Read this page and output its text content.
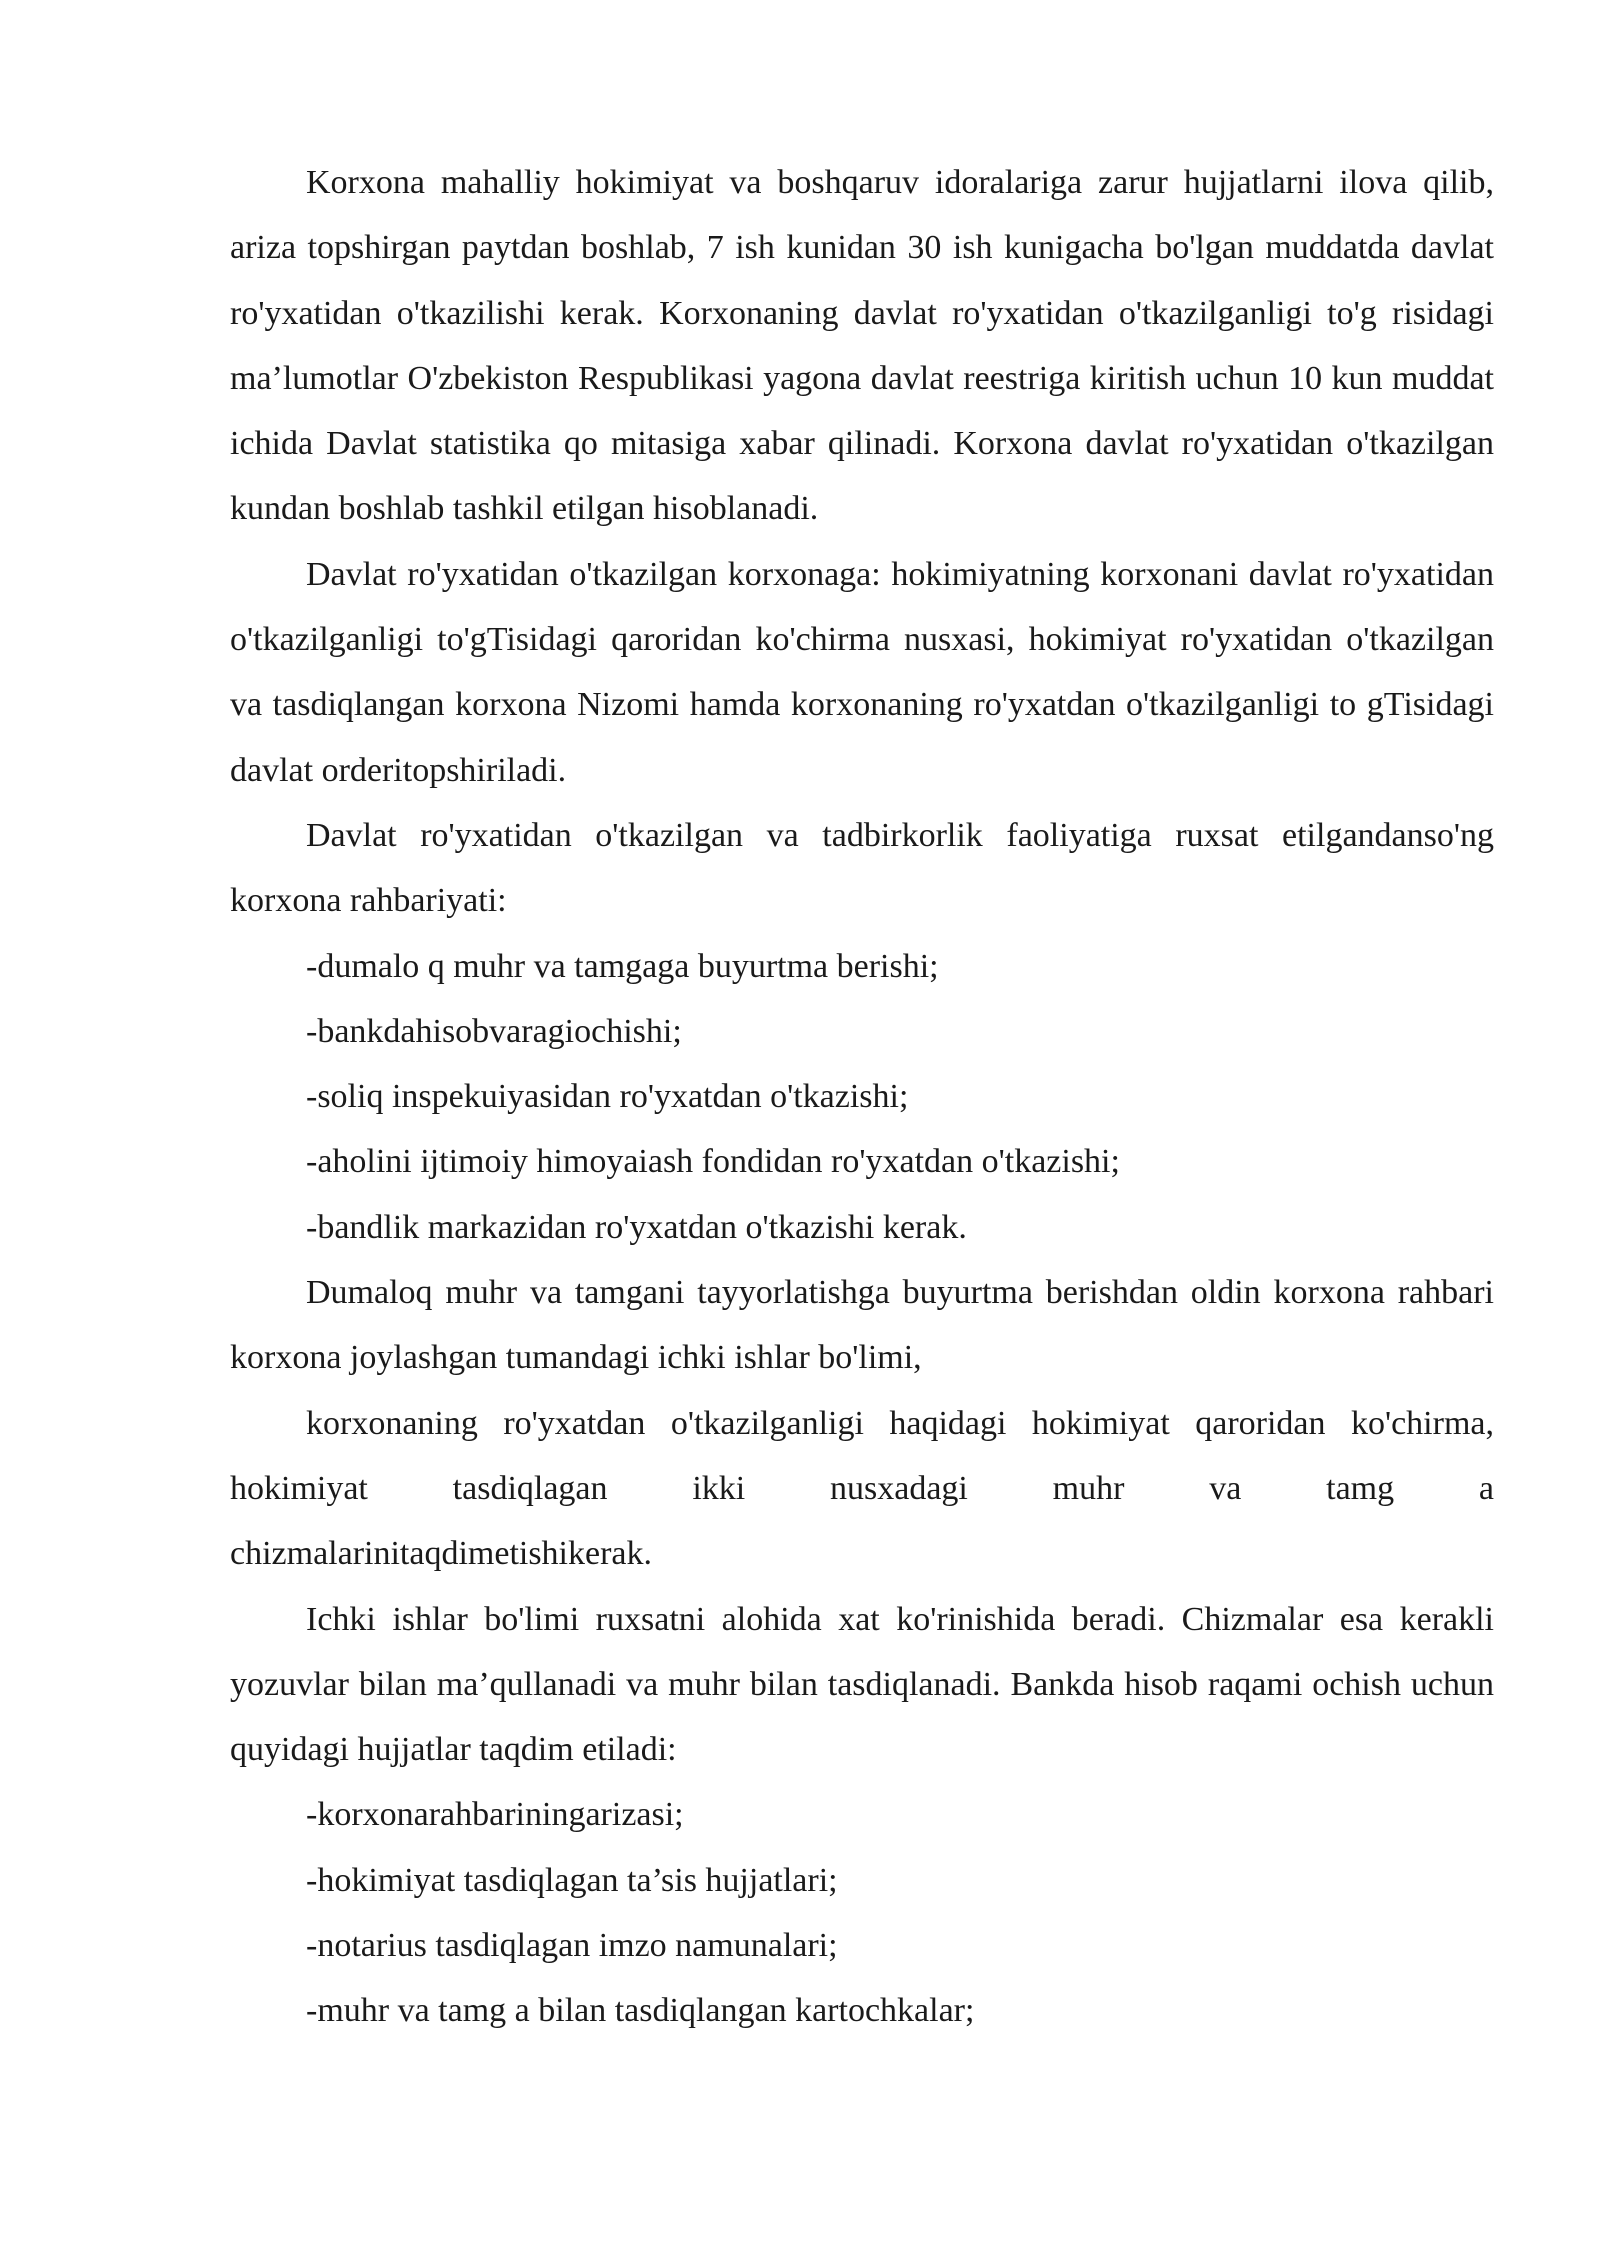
Korxona mahalliy hokimiyat va boshqaruv idoralariga zarur hujjatlarni ilova qilib, ariza topshirgan paytdan boshlab, 7 ish kunidan 30 ish kunigacha bo'lgan muddatda davlat ro'yxatidan o'tkazilishi kerak. Korxonaning davlat ro'yxatidan o'tkazilganligi to'g risidagi ma’lumotlar O'zbekiston Respublikasi yagona davlat reestriga kiritish uchun 10 kun muddat ichida Davlat statistika qo mitasiga xabar qilinadi. Korxona davlat ro'yxatidan o'tkazilgan kundan boshlab tashkil etilgan hisoblanadi.

Davlat ro'yxatidan o'tkazilgan korxonaga: hokimiyatning korxonani davlat ro'yxatidan o'tkazilganligi to'gTisidagi qaroridan ko'chirma nusxasi, hokimiyat ro'yxatidan o'tkazilgan va tasdiqlangan korxona Nizomi hamda korxonaning ro'yxatdan o'tkazilganligi to gTisidagi davlat orderitopshiriladi.

Davlat ro'yxatidan o'tkazilgan va tadbirkorlik faoliyatiga ruxsat etilgandanso'ng korxona rahbariyati:

-dumalo q muhr va tamgaga buyurtma berishi;

-bankdahisobvaragiochishi;

-soliq inspekuiyasidan ro'yxatdan o'tkazishi;

-aholini ijtimoiy himoyaiash fondidan ro'yxatdan o'tkazishi;

-bandlik markazidan ro'yxatdan o'tkazishi kerak.

Dumaloq muhr va tamgani tayyorlatishga buyurtma berishdan oldin korxona rahbari korxona joylashgan tumandagi ichki ishlar bo'limi,

korxonaning ro'yxatdan o'tkazilganligi haqidagi hokimiyat qaroridan ko'chirma, hokimiyat tasdiqlagan ikki nusxadagi muhr va tamg a

chizmalarinitaqdimetishikerak.

Ichki ishlar bo'limi ruxsatni alohida xat ko'rinishida beradi. Chizmalar esa kerakli yozuvlar bilan ma’qullanadi va muhr bilan tasdiqlanadi. Bankda hisob raqami ochish uchun quyidagi hujjatlar taqdim etiladi:

-korxonarahbariningarizasi;

-hokimiyat tasdiqlagan ta’sis hujjatlari;

-notarius tasdiqlagan imzo namunalari;

-muhr va tamg a bilan tasdiqlangan kartochkalar;
